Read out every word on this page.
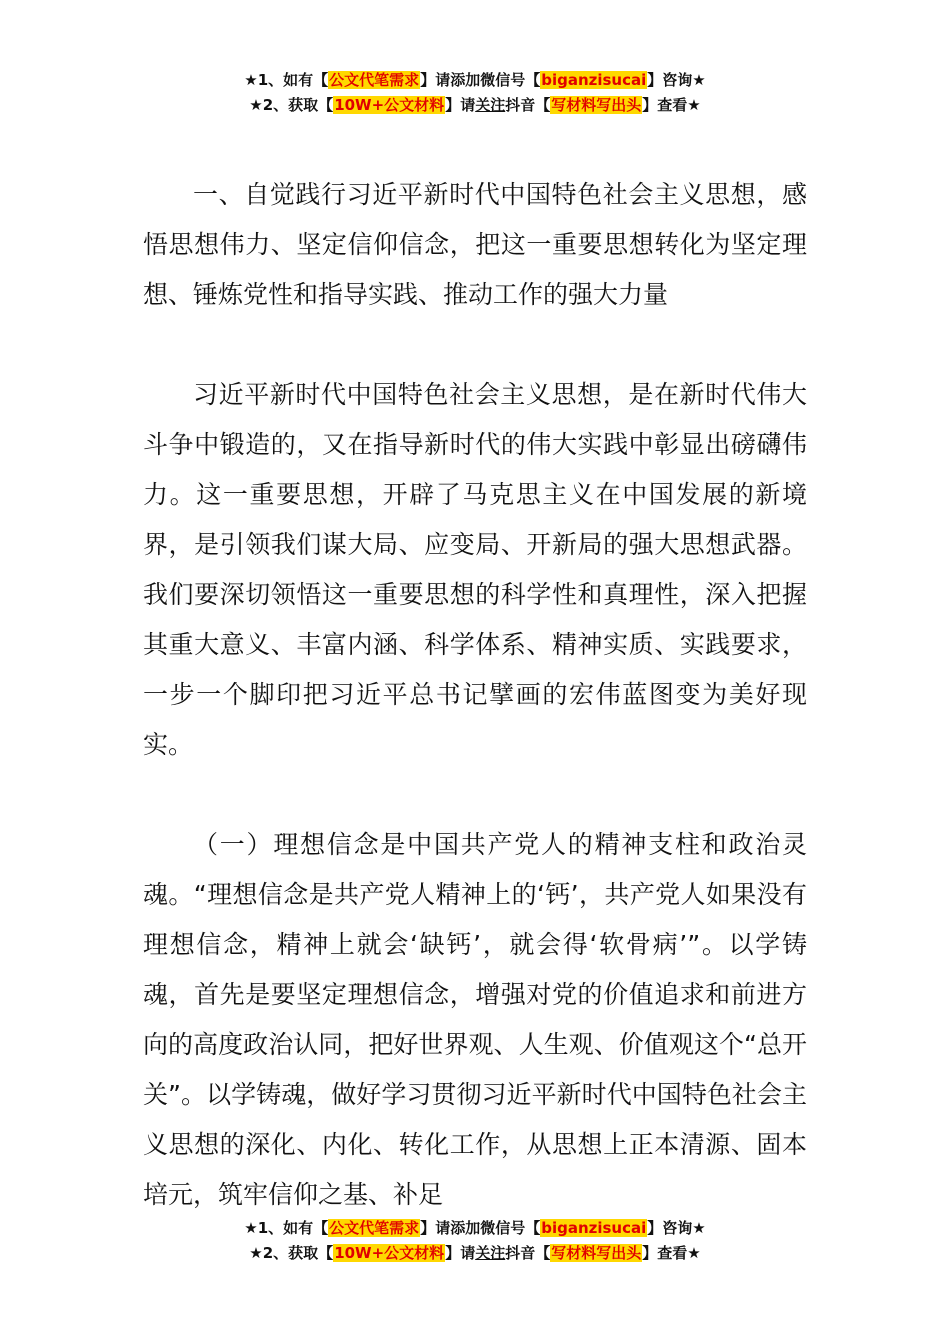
★1、如有【公文代笔需求】请添加微信号【biganzisucai】咨询★
★2、获取【10W+公文材料】请关注抖音【写材料写出头】查看★

一、自觉践行习近平新时代中国特色社会主义思想，感悟思想伟力、坚定信仰信念，把这一重要思想转化为坚定理想、锤炼党性和指导实践、推动工作的强大力量

习近平新时代中国特色社会主义思想，是在新时代伟大斗争中锻造的，又在指导新时代的伟大实践中彰显出磅礴伟力。这一重要思想，开辟了马克思主义在中国发展的新境界，是引领我们谋大局、应变局、开新局的强大思想武器。我们要深切领悟这一重要思想的科学性和真理性，深入把握其重大意义、丰富内涵、科学体系、精神实质、实践要求，一步一个脚印把习近平总书记擘画的宏伟蓝图变为美好现实。

（一）理想信念是中国共产党人的精神支柱和政治灵魂。“理想信念是共产党人精神上的‘钙’，共产党人如果没有理想信念，精神上就会‘缺钙’，就会得‘软骨病’”。以学铸魂，首先是要坚定理想信念，增强对党的价值追求和前进方向的高度政治认同，把好世界观、人生观、价值观这个“总开关”。以学铸魂，做好学习贯彻习近平新时代中国特色社会主义思想的深化、内化、转化工作，从思想上正本清源、固本培元，筑牢信仰之基、补足

★1、如有【公文代笔需求】请添加微信号【biganzisucai】咨询★
★2、获取【10W+公文材料】请关注抖音【写材料写出头】查看★
